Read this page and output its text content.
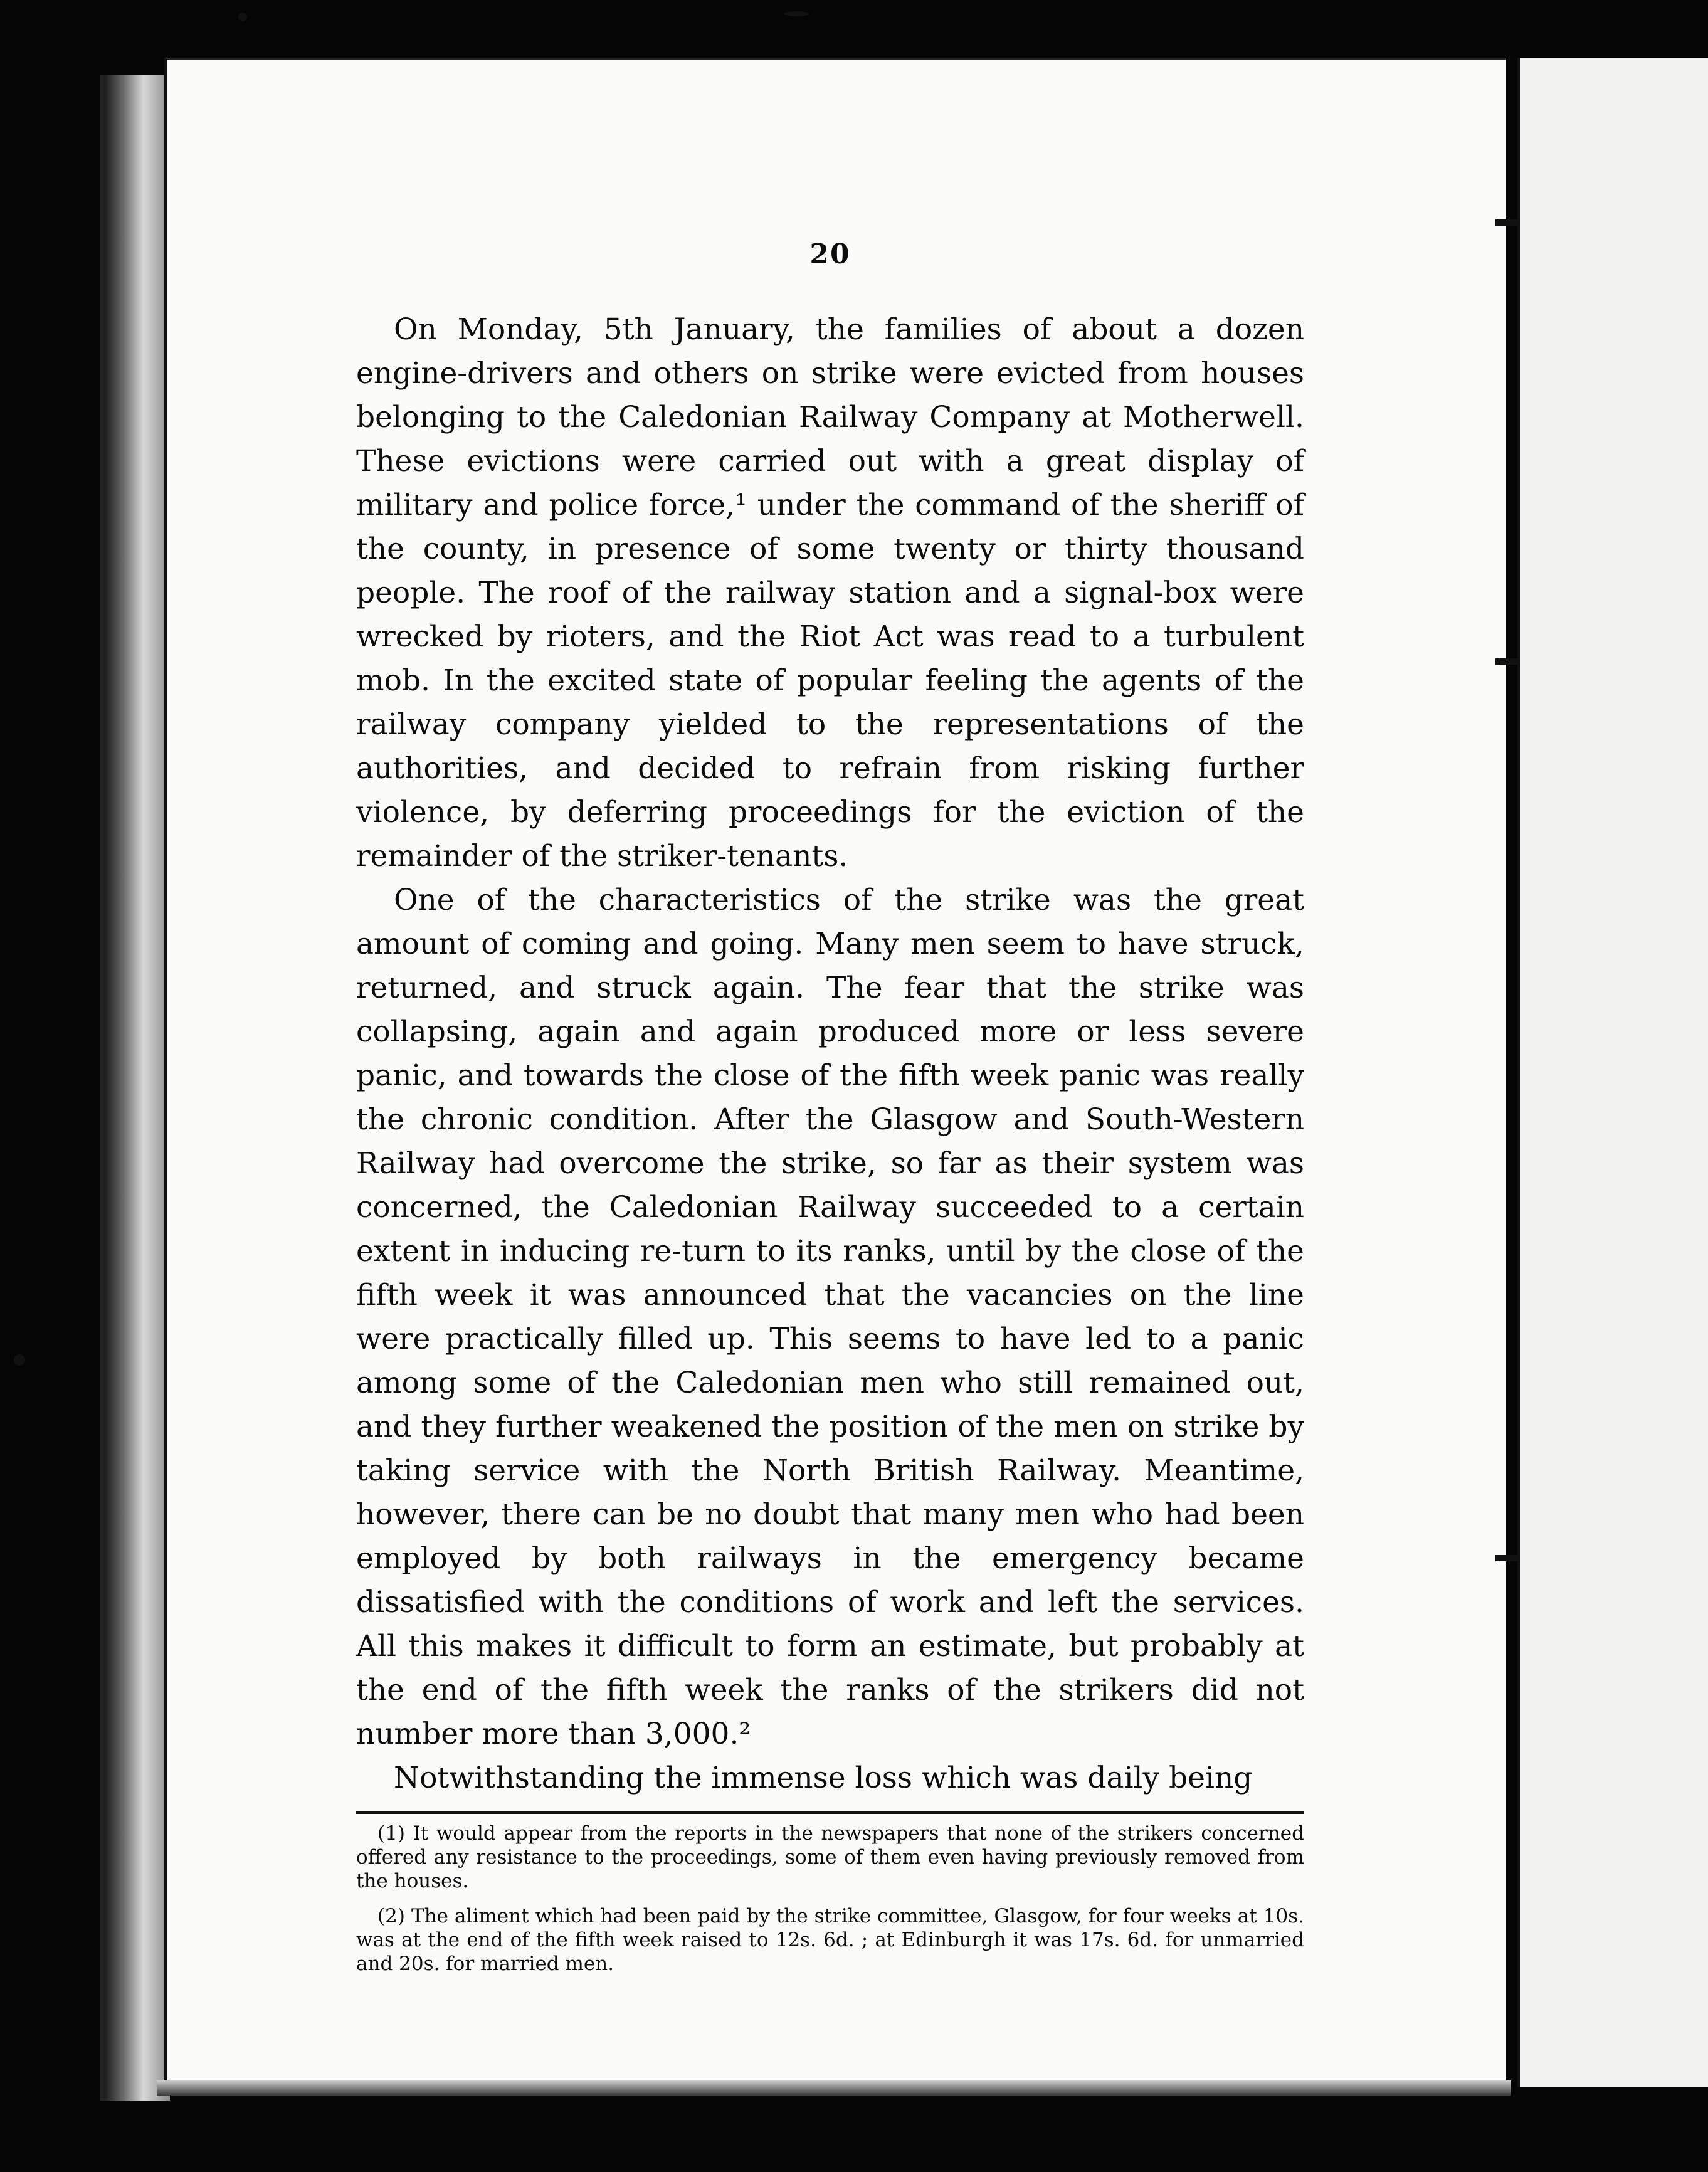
20

On Monday, 5th January, the families of about a dozen engine-drivers and others on strike were evicted from houses belonging to the Caledonian Railway Company at Motherwell. These evictions were carried out with a great display of military and police force,¹ under the command of the sheriff of the county, in presence of some twenty or thirty thousand people. The roof of the railway station and a signal-box were wrecked by rioters, and the Riot Act was read to a turbulent mob. In the excited state of popular feeling the agents of the railway company yielded to the representations of the authorities, and decided to refrain from risking further violence, by deferring proceedings for the eviction of the remainder of the striker-tenants.

One of the characteristics of the strike was the great amount of coming and going. Many men seem to have struck, returned, and struck again. The fear that the strike was collapsing, again and again produced more or less severe panic, and towards the close of the fifth week panic was really the chronic condition. After the Glasgow and South-Western Railway had overcome the strike, so far as their system was concerned, the Caledonian Railway succeeded to a certain extent in inducing re-turn to its ranks, until by the close of the fifth week it was announced that the vacancies on the line were practically filled up. This seems to have led to a panic among some of the Caledonian men who still remained out, and they further weakened the position of the men on strike by taking service with the North British Railway. Meantime, however, there can be no doubt that many men who had been employed by both railways in the emergency became dissatisfied with the conditions of work and left the services. All this makes it difficult to form an estimate, but probably at the end of the fifth week the ranks of the strikers did not number more than 3,000.²

Notwithstanding the immense loss which was daily being

(1) It would appear from the reports in the newspapers that none of the strikers concerned offered any resistance to the proceedings, some of them even having previously removed from the houses.

(2) The aliment which had been paid by the strike committee, Glasgow, for four weeks at 10s. was at the end of the fifth week raised to 12s. 6d. ; at Edinburgh it was 17s. 6d. for unmarried and 20s. for married men.
